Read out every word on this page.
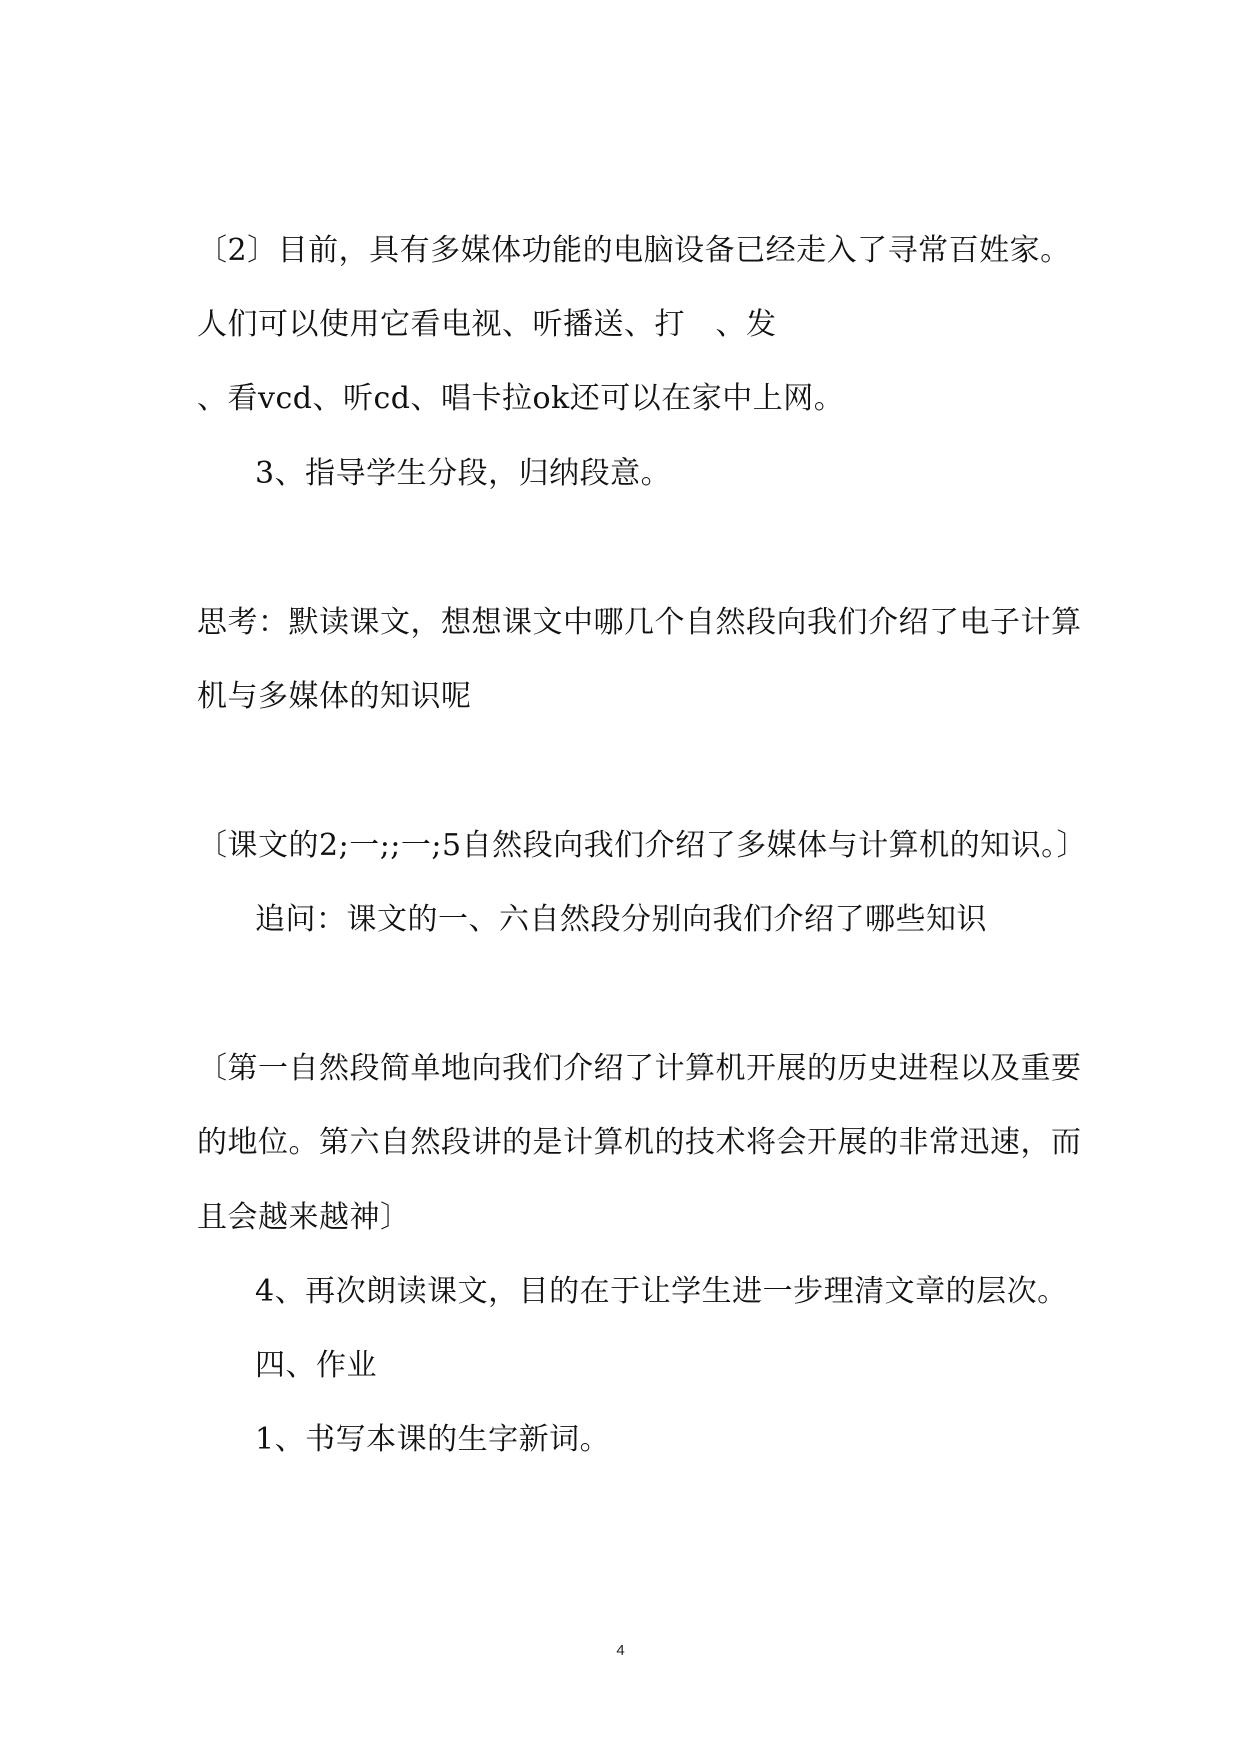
〔2〕目前，具有多媒体功能的电脑设备已经走入了寻常百姓家。
人们可以使用它看电视、听播送、打　、发
、看vcd、听cd、唱卡拉ok还可以在家中上网。
3、指导学生分段，归纳段意。
思考：默读课文，想想课文中哪几个自然段向我们介绍了电子计算
机与多媒体的知识呢
〔课文的2;一;;一;5自然段向我们介绍了多媒体与计算机的知识。〕
追问：课文的一、六自然段分别向我们介绍了哪些知识
〔第一自然段简单地向我们介绍了计算机开展的历史进程以及重要
的地位。第六自然段讲的是计算机的技术将会开展的非常迅速，而
且会越来越神〕
4、再次朗读课文，目的在于让学生进一步理清文章的层次。
四、作业
1、书写本课的生字新词。
4
